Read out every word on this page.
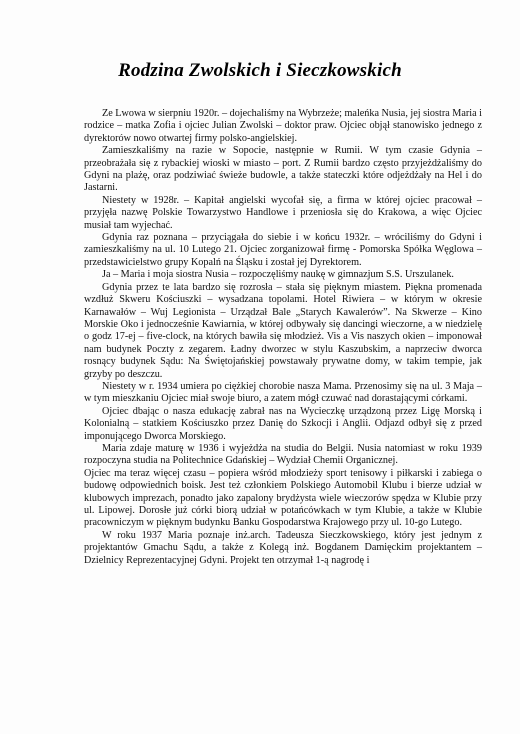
Rodzina Zwolskich i Sieczkowskich

Ze Lwowa w sierpniu 1920r. – dojechaliśmy na Wybrzeże; maleńka Nusia, jej siostra Maria i rodzice – matka Zofia i ojciec Julian Zwolski – doktor praw. Ojciec objął stanowisko jednego z dyrektorów nowo otwartej firmy polsko-angielskiej.

Zamieszkaliśmy na razie w Sopocie, następnie w Rumii. W tym czasie Gdynia – przeobrażała się z rybackiej wioski w miasto – port. Z Rumii bardzo często przyjeżdżaliśmy do Gdyni na plażę, oraz podziwiać świeże budowle, a także stateczki które odjeżdżały na Hel i do Jastarni.

Niestety w 1928r. – Kapitał angielski wycofał się, a firma w której ojciec pracował – przyjęła nazwę Polskie Towarzystwo Handlowe i przeniosła się do Krakowa, a więc Ojciec musiał tam wyjechać.

Gdynia raz poznana – przyciągała do siebie i w końcu 1932r. – wróciliśmy do Gdyni i zamieszkaliśmy na ul. 10 Lutego 21. Ojciec zorganizował firmę - Pomorska Spółka Węglowa – przedstawicielstwo grupy Kopalń na Śląsku i został jej Dyrektorem.

Ja – Maria i moja siostra Nusia – rozpoczęliśmy naukę w gimnazjum S.S. Urszulanek.

Gdynia przez te lata bardzo się rozrosła – stała się pięknym miastem. Piękna promenada wzdłuż Skweru Kościuszki – wysadzana topolami. Hotel Riwiera – w którym w okresie Karnawałów – Wuj Legionista – Urządzał Bale „Starych Kawalerów”. Na Skwerze – Kino Morskie Oko i jednocześnie Kawiarnia, w której odbywały się dancingi wieczorne, a w niedzielę o godz 17-ej – five-clock, na których bawiła się młodzież. Vis a Vis naszych okien – imponował nam budynek Poczty z zegarem. Ładny dworzec w stylu Kaszubskim, a naprzeciw dworca rosnący budynek Sądu: Na Świętojańskiej powstawały prywatne domy, w takim tempie, jak grzyby po deszczu.

Niestety w r. 1934 umiera po ciężkiej chorobie nasza Mama. Przenosimy się na ul. 3 Maja – w tym mieszkaniu Ojciec miał swoje biuro, a zatem mógł czuwać nad dorastającymi córkami.

Ojciec dbając o nasza edukację zabrał nas na Wycieczkę urządzoną przez Ligę Morską i Kolonialną – statkiem Kościuszko przez Danię do Szkocji i Anglii. Odjazd odbył się z przed imponującego Dworca Morskiego.

Maria zdaje maturę w 1936 i wyjeżdża na studia do Belgii. Nusia natomiast w roku 1939 rozpoczyna studia na Politechnice Gdańskiej – Wydział Chemii Organicznej.

Ojciec ma teraz więcej czasu – popiera wśród młodzieży sport tenisowy i piłkarski i zabiega o budowę odpowiednich boisk. Jest też członkiem Polskiego Automobil Klubu i bierze udział w klubowych imprezach, ponadto jako zapalony brydżysta wiele wieczorów spędza w Klubie przy ul. Lipowej. Dorosłe już córki biorą udział w potańcówkach w tym Klubie, a także w Klubie pracowniczym w pięknym budynku Banku Gospodarstwa Krajowego przy ul. 10-go Lutego.

W roku 1937 Maria poznaje inż.arch. Tadeusza Sieczkowskiego, który jest jednym z projektantów Gmachu Sądu, a także z Kolegą inż. Bogdanem Damięckim projektantem – Dzielnicy Reprezentacyjnej Gdyni. Projekt ten otrzymał 1-ą nagrodę i
